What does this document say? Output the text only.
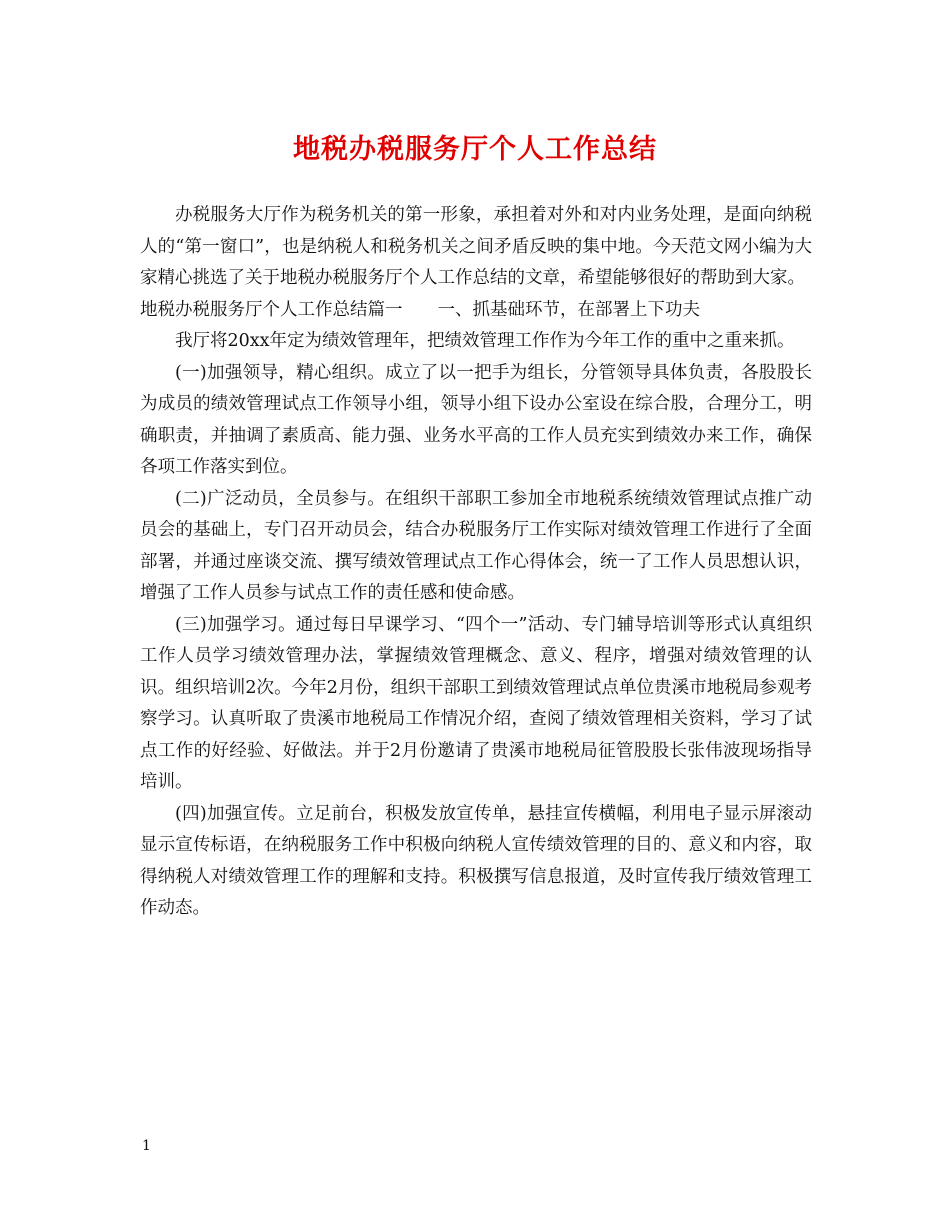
地税办税服务厅个人工作总结

办税服务大厅作为税务机关的第一形象，承担着对外和对内业务处理，是面向纳税人的“第一窗口”，也是纳税人和税务机关之间矛盾反映的集中地。今天范文网小编为大家精心挑选了关于地税办税服务厅个人工作总结的文章，希望能够很好的帮助到大家。

地税办税服务厅个人工作总结篇一　　一、抓基础环节，在部署上下功夫

我厅将20xx年定为绩效管理年，把绩效管理工作作为今年工作的重中之重来抓。

(一)加强领导，精心组织。成立了以一把手为组长，分管领导具体负责，各股股长为成员的绩效管理试点工作领导小组，领导小组下设办公室设在综合股，合理分工，明确职责，并抽调了素质高、能力强、业务水平高的工作人员充实到绩效办来工作，确保各项工作落实到位。

(二)广泛动员，全员参与。在组织干部职工参加全市地税系统绩效管理试点推广动员会的基础上，专门召开动员会，结合办税服务厅工作实际对绩效管理工作进行了全面部署，并通过座谈交流、撰写绩效管理试点工作心得体会，统一了工作人员思想认识，增强了工作人员参与试点工作的责任感和使命感。

(三)加强学习。通过每日早课学习、“四个一”活动、专门辅导培训等形式认真组织工作人员学习绩效管理办法，掌握绩效管理概念、意义、程序，增强对绩效管理的认识。组织培训2次。今年2月份，组织干部职工到绩效管理试点单位贵溪市地税局参观考察学习。认真听取了贵溪市地税局工作情况介绍，查阅了绩效管理相关资料，学习了试点工作的好经验、好做法。并于2月份邀请了贵溪市地税局征管股股长张伟波现场指导培训。

(四)加强宣传。立足前台，积极发放宣传单，悬挂宣传横幅，利用电子显示屏滚动显示宣传标语，在纳税服务工作中积极向纳税人宣传绩效管理的目的、意义和内容，取得纳税人对绩效管理工作的理解和支持。积极撰写信息报道，及时宣传我厅绩效管理工作动态。

1
